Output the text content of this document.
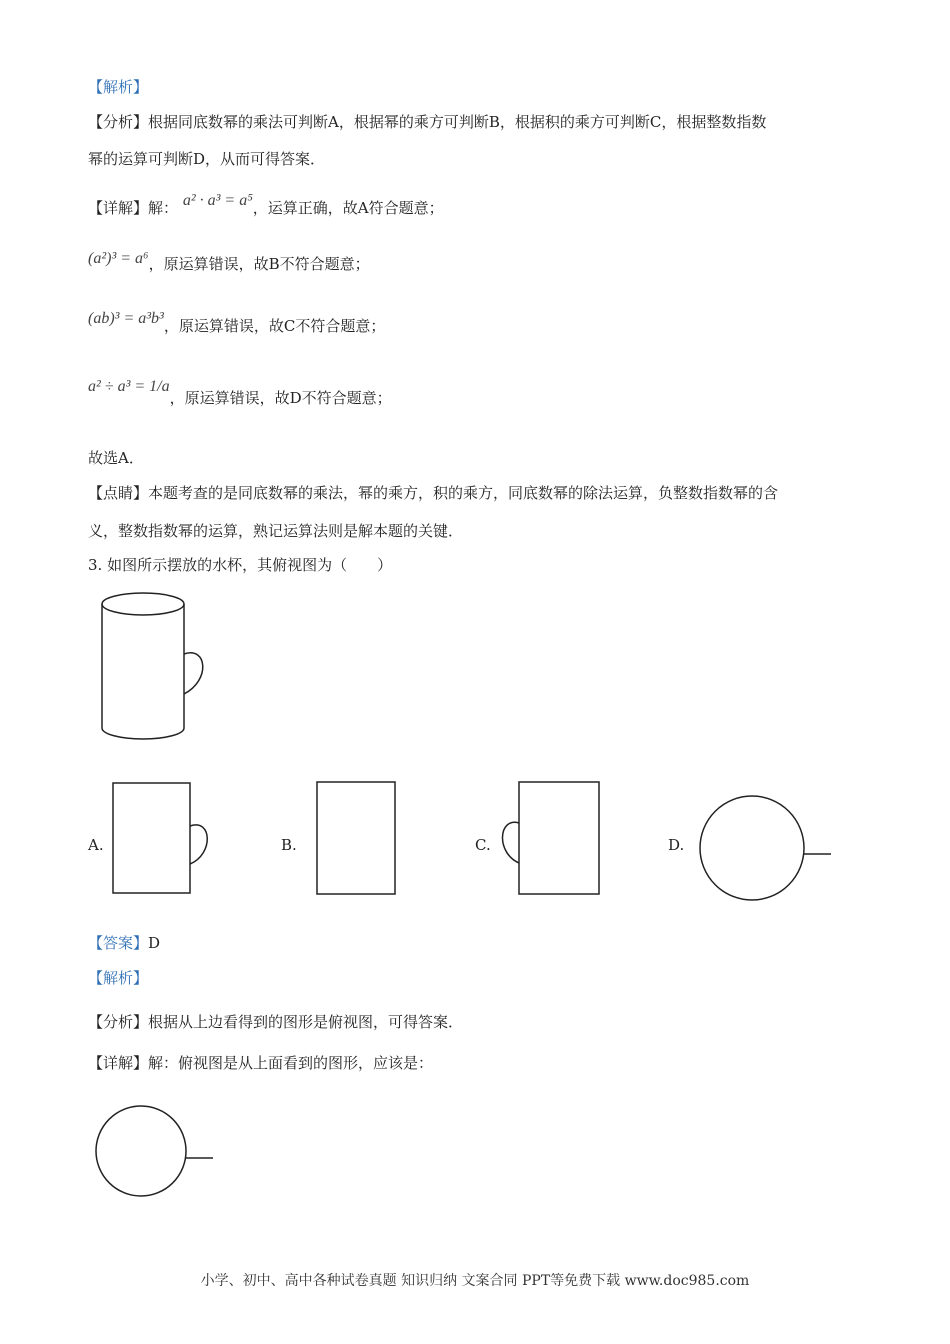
【解析】
【分析】根据同底数幂的乘法可判断A，根据幂的乘方可判断B，根据积的乘方可判断C，根据整数指数
幂的运算可判断D，从而可得答案．
【详解】解： a² · a³ = a⁵，运算正确，故A符合题意；
(a²)³ = a⁶，原运算错误，故B不符合题意；
(ab)³ = a³b³，原运算错误，故C不符合题意；
a² ÷ a³ = 1/a，原运算错误，故D不符合题意；
故选A．
【点睛】本题考查的是同底数幂的乘法，幂的乘方，积的乘方，同底数幂的除法运算，负整数指数幂的含
义，整数指数幂的运算，熟记运算法则是解本题的关键．
3. 如图所示摆放的水杯，其俯视图为（　　）
A.	B.	C.	D.
【答案】D
【解析】
【分析】根据从上边看得到的图形是俯视图，可得答案．
【详解】解：俯视图是从上面看到的图形，应该是：
小学、初中、高中各种试卷真题 知识归纳 文案合同 PPT等免费下载 www.doc985.com
